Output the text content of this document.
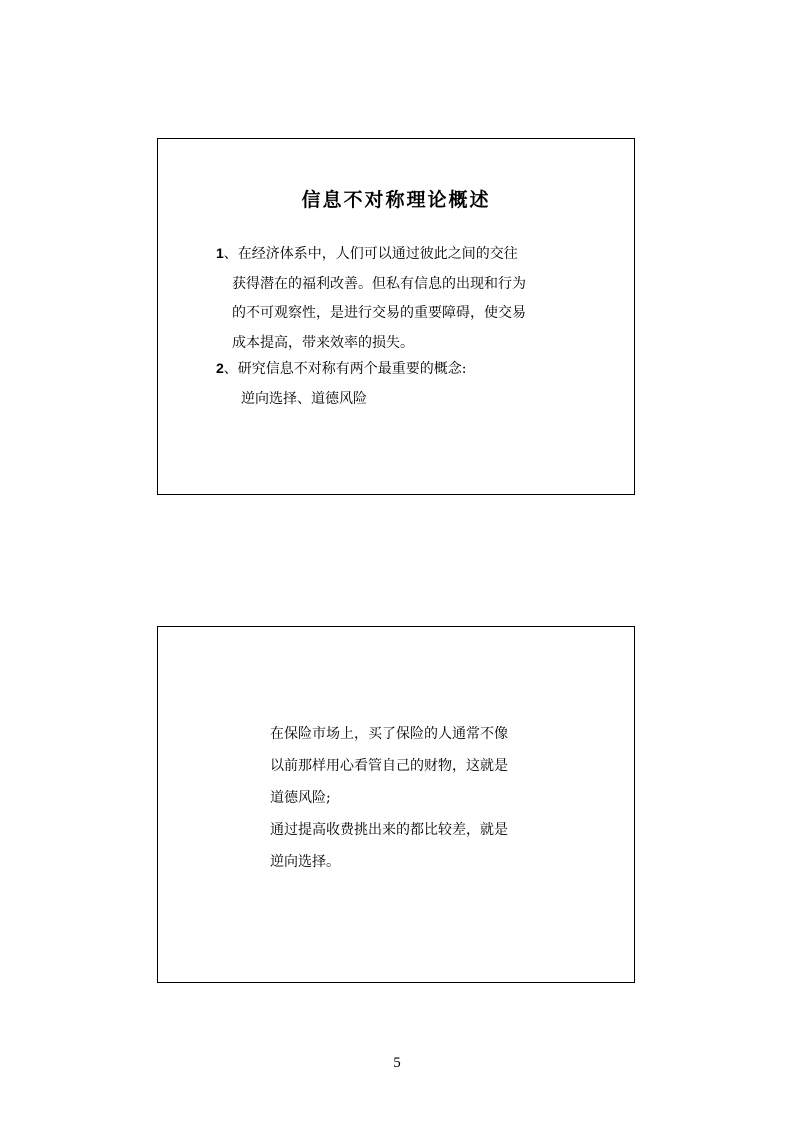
信息不对称理论概述
1、在经济体系中，人们可以通过彼此之间的交往
获得潜在的福利改善。但私有信息的出现和行为
的不可观察性，是进行交易的重要障碍，使交易
成本提高，带来效率的损失。
2、研究信息不对称有两个最重要的概念:
逆向选择、道德风险
在保险市场上，买了保险的人通常不像
以前那样用心看管自己的财物，这就是
道德风险;
通过提高收费挑出来的都比较差，就是
逆向选择。
5
